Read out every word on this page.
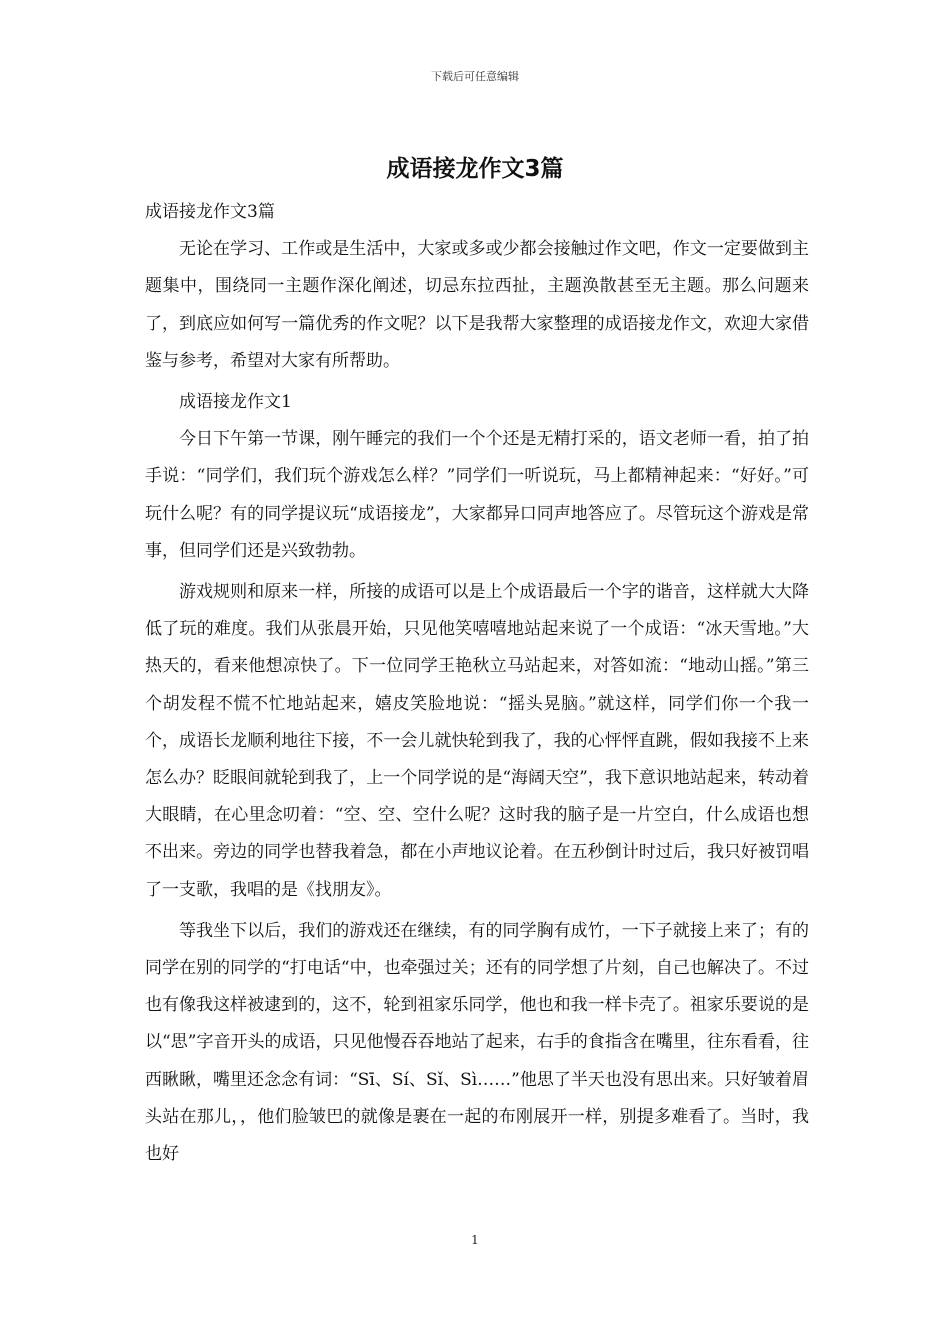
下载后可任意编辑
成语接龙作文3篇

成语接龙作文3篇

无论在学习、工作或是生活中，大家或多或少都会接触过作文吧，作文一定要做到主题集中，围绕同一主题作深化阐述，切忌东拉西扯，主题涣散甚至无主题。那么问题来了，到底应如何写一篇优秀的作文呢？以下是我帮大家整理的成语接龙作文，欢迎大家借鉴与参考，希望对大家有所帮助。

成语接龙作文1

今日下午第一节课，刚午睡完的我们一个个还是无精打采的，语文老师一看，拍了拍手说：“同学们，我们玩个游戏怎么样？”同学们一听说玩，马上都精神起来：“好好。”可玩什么呢？有的同学提议玩“成语接龙”，大家都异口同声地答应了。尽管玩这个游戏是常事，但同学们还是兴致勃勃。

游戏规则和原来一样，所接的成语可以是上个成语最后一个字的谐音，这样就大大降低了玩的难度。我们从张晨开始，只见他笑嘻嘻地站起来说了一个成语：“冰天雪地。”大热天的，看来他想凉快了。下一位同学王艳秋立马站起来，对答如流：“地动山摇。”第三个胡发程不慌不忙地站起来，嬉皮笑脸地说：“摇头晃脑。”就这样，同学们你一个我一个，成语长龙顺利地往下接，不一会儿就快轮到我了，我的心怦怦直跳，假如我接不上来怎么办？眨眼间就轮到我了，上一个同学说的是“海阔天空”，我下意识地站起来，转动着大眼睛，在心里念叨着：“空、空、空什么呢？这时我的脑子是一片空白，什么成语也想不出来。旁边的同学也替我着急，都在小声地议论着。在五秒倒计时过后，我只好被罚唱了一支歌，我唱的是《找朋友》。

等我坐下以后，我们的游戏还在继续，有的同学胸有成竹，一下子就接上来了；有的同学在别的同学的“打电话“中，也牵强过关；还有的同学想了片刻，自己也解决了。不过也有像我这样被逮到的，这不，轮到祖家乐同学，他也和我一样卡壳了。祖家乐要说的是以“思”字音开头的成语，只见他慢吞吞地站了起来，右手的食指含在嘴里，往东看看，往西瞅瞅，嘴里还念念有词：“Sī、Sí、Sǐ、Sì……”他思了半天也没有思出来。只好皱着眉头站在那儿，，他们脸皱巴的就像是裹在一起的布刚展开一样，别提多难看了。当时，我也好

1
